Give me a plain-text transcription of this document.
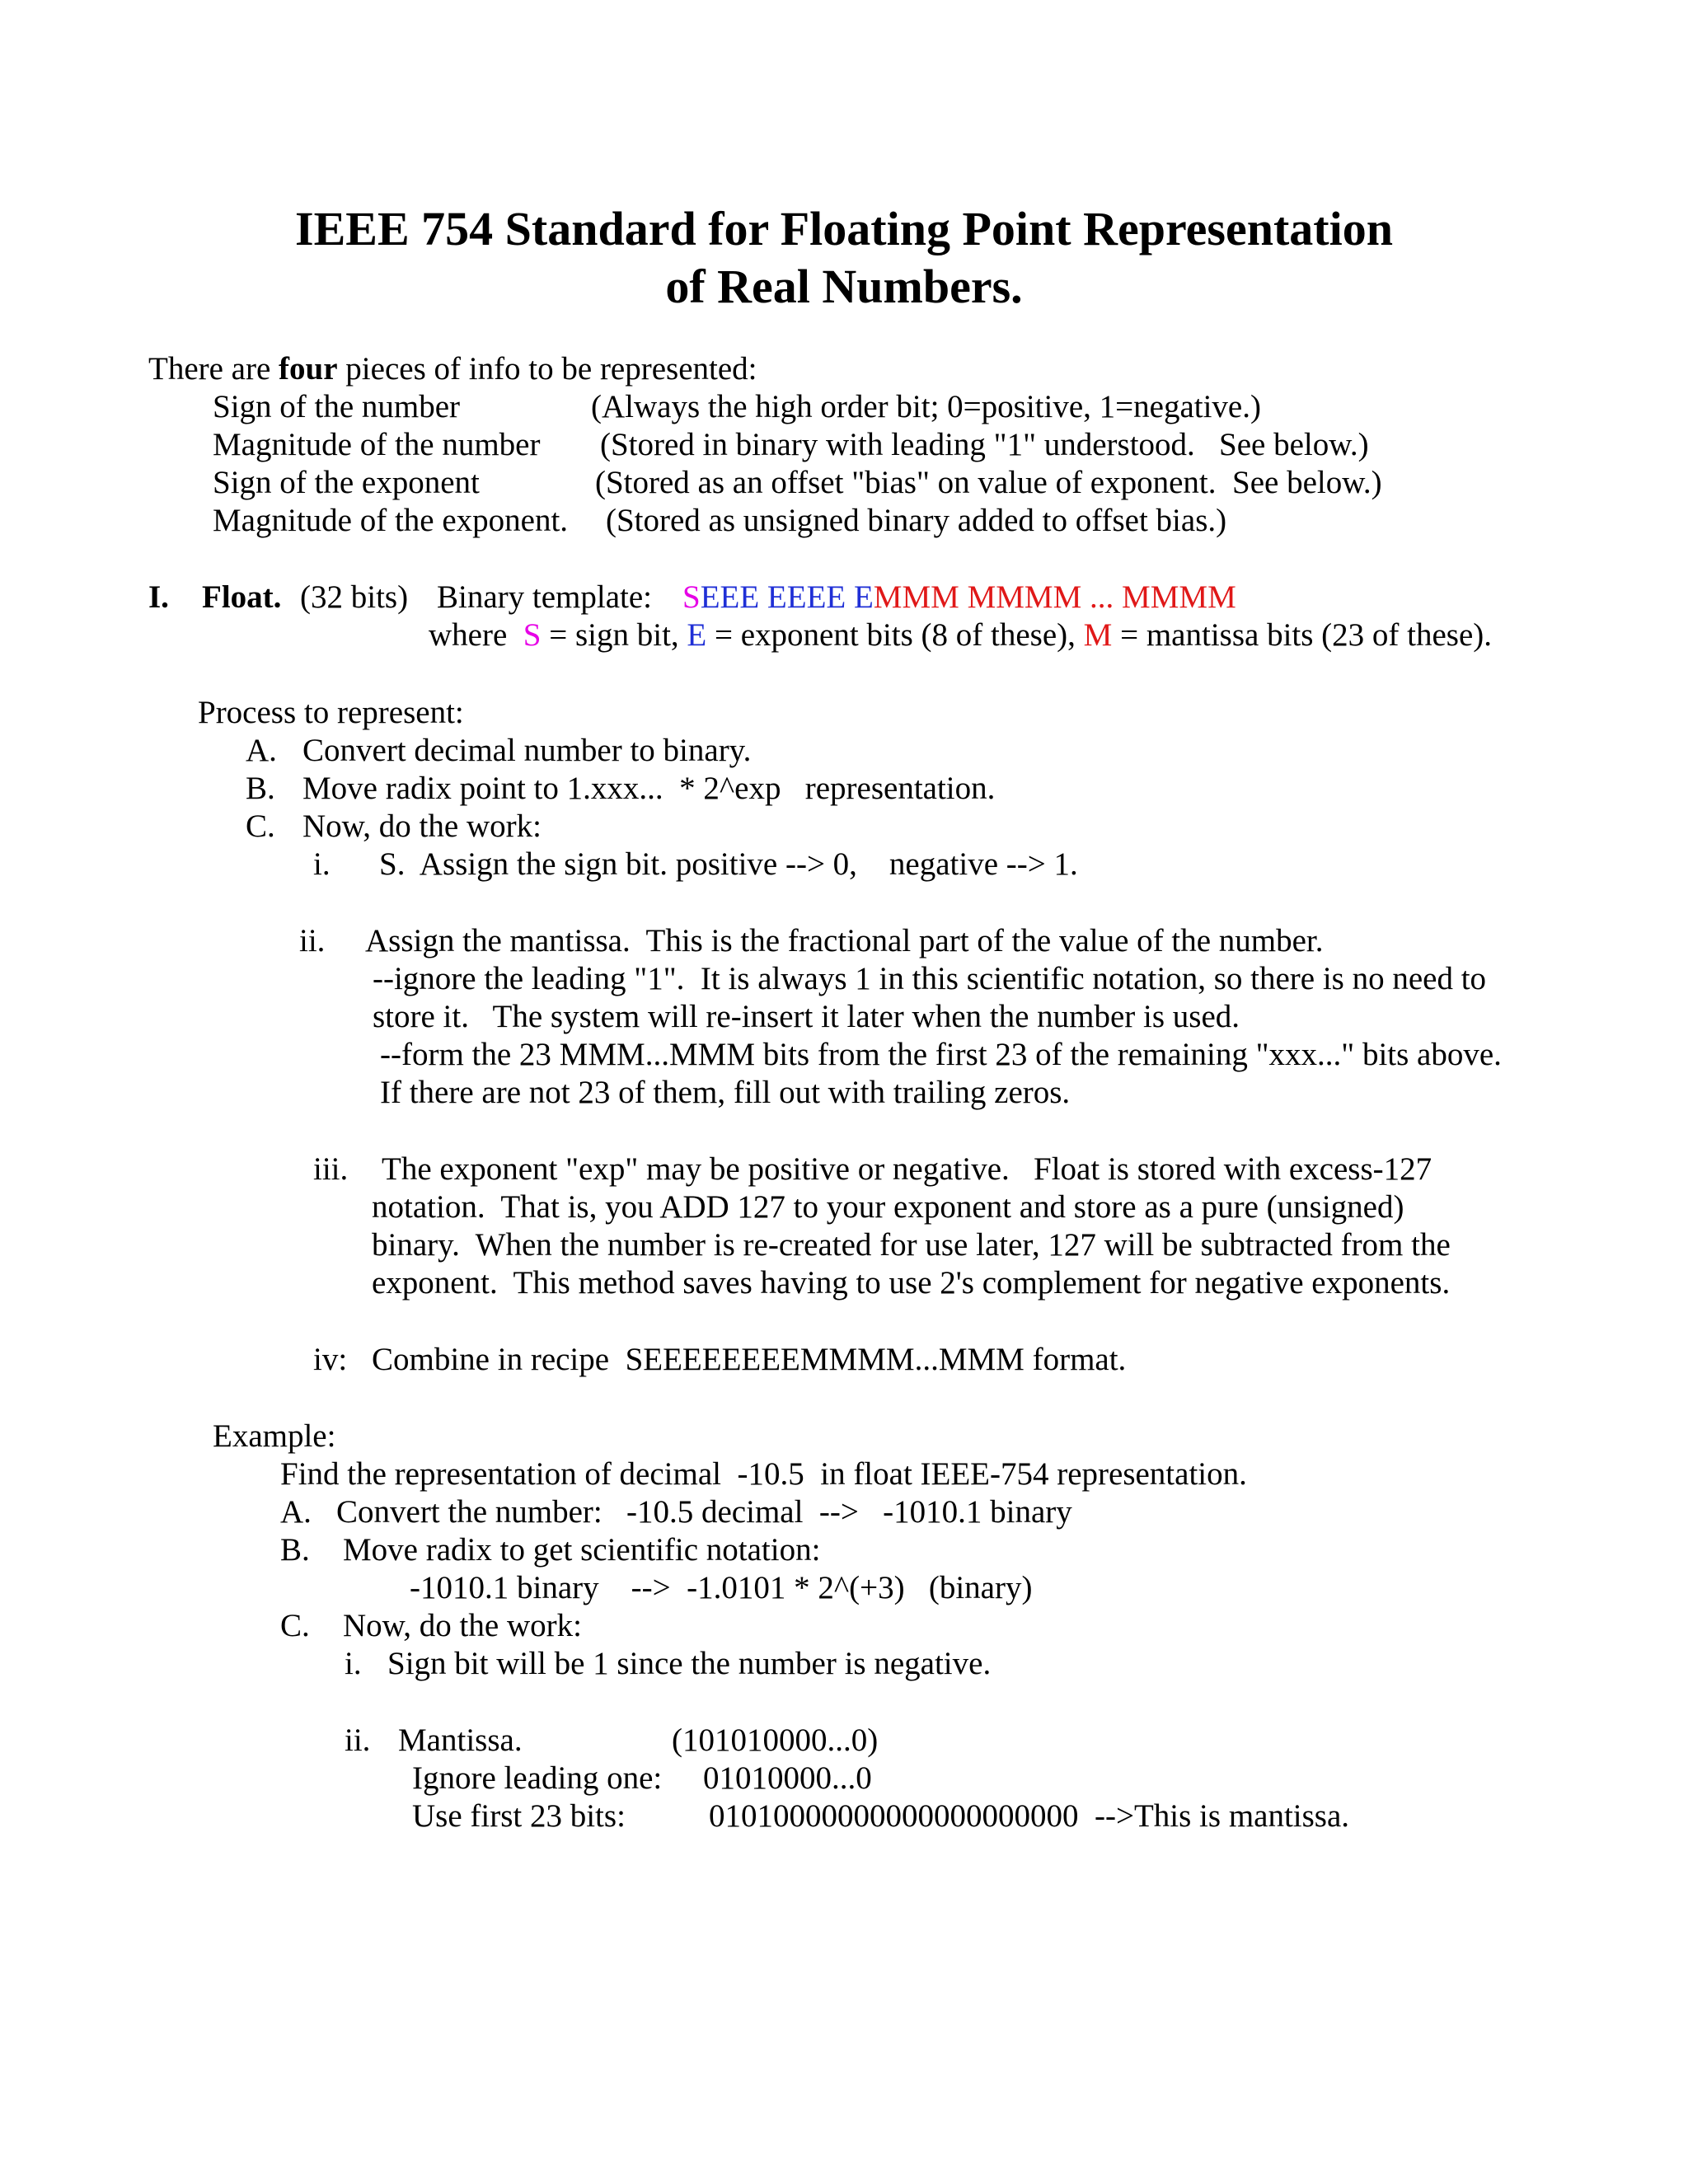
IEEE 754 Standard for Floating Point Representation
of Real Numbers.
There are four pieces of info to be represented:
Sign of the number	(Always the high order bit; 0=positive, 1=negative.)
Magnitude of the number (Stored in binary with leading "1" understood.   See below.)
Sign of the exponent	(Stored as an offset "bias" on value of exponent.  See below.)
Magnitude of the exponent. (Stored as unsigned binary added to offset bias.)
I. Float. (32 bits) Binary template: SEEE EEEE EMMM MMMM ... MMMM
where S = sign bit, E = exponent bits (8 of these), M = mantissa bits (23 of these).
Process to represent:
A. Convert decimal number to binary.
B. Move radix point to 1.xxx...  * 2^exp   representation.
C. Now, do the work:
i. S.  Assign the sign bit. positive --> 0,    negative --> 1.
ii. Assign the mantissa.  This is the fractional part of the value of the number.
--ignore the leading "1".  It is always 1 in this scientific notation, so there is no need to
store it.   The system will re-insert it later when the number is used.
--form the 23 MMM...MMM bits from the first 23 of the remaining "xxx..." bits above.
If there are not 23 of them, fill out with trailing zeros.
iii. The exponent "exp" may be positive or negative.   Float is stored with excess-127
notation.  That is, you ADD 127 to your exponent and store as a pure (unsigned)
binary.  When the number is re-created for use later, 127 will be subtracted from the
exponent.  This method saves having to use 2's complement for negative exponents.
iv: Combine in recipe  SEEEEEEEEMMMM...MMM format.
Example:
Find the representation of decimal  -10.5  in float IEEE-754 representation.
A. Convert the number:   -10.5 decimal  -->   -1010.1 binary
B. Move radix to get scientific notation:
-1010.1 binary    -->  -1.0101 * 2^(+3)   (binary)
C. Now, do the work:
i. Sign bit will be 1 since the number is negative.
ii. Mantissa.	(101010000...0)
Ignore leading one: 01010000...0
Use first 23 bits:	01010000000000000000000  -->This is mantissa.
